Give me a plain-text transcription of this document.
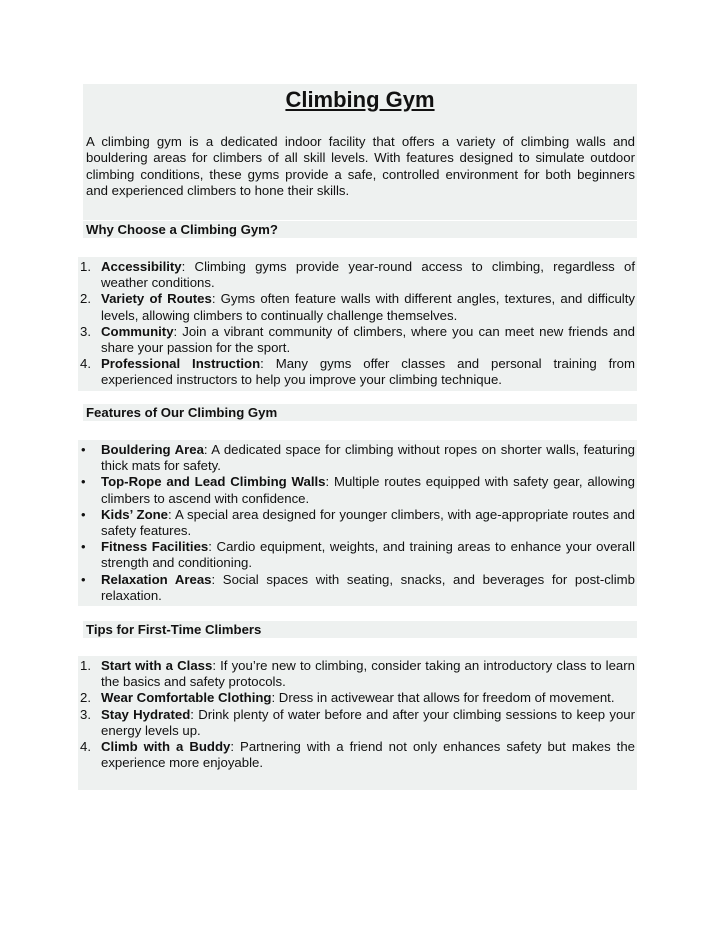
Climbing Gym
A climbing gym is a dedicated indoor facility that offers a variety of climbing walls and bouldering areas for climbers of all skill levels. With features designed to simulate outdoor climbing conditions, these gyms provide a safe, controlled environment for both beginners and experienced climbers to hone their skills.
Why Choose a Climbing Gym?
1. Accessibility: Climbing gyms provide year-round access to climbing, regardless of weather conditions.
2. Variety of Routes: Gyms often feature walls with different angles, textures, and difficulty levels, allowing climbers to continually challenge themselves.
3. Community: Join a vibrant community of climbers, where you can meet new friends and share your passion for the sport.
4. Professional Instruction: Many gyms offer classes and personal training from experienced instructors to help you improve your climbing technique.
Features of Our Climbing Gym
•	Bouldering Area: A dedicated space for climbing without ropes on shorter walls, featuring thick mats for safety.
•	Top-Rope and Lead Climbing Walls: Multiple routes equipped with safety gear, allowing climbers to ascend with confidence.
•	Kids’ Zone: A special area designed for younger climbers, with age-appropriate routes and safety features.
•	Fitness Facilities: Cardio equipment, weights, and training areas to enhance your overall strength and conditioning.
•	Relaxation Areas: Social spaces with seating, snacks, and beverages for post-climb relaxation.
Tips for First-Time Climbers
1. Start with a Class: If you’re new to climbing, consider taking an introductory class to learn the basics and safety protocols.
2. Wear Comfortable Clothing: Dress in activewear that allows for freedom of movement.
3. Stay Hydrated: Drink plenty of water before and after your climbing sessions to keep your energy levels up.
4. Climb with a Buddy: Partnering with a friend not only enhances safety but makes the experience more enjoyable.
